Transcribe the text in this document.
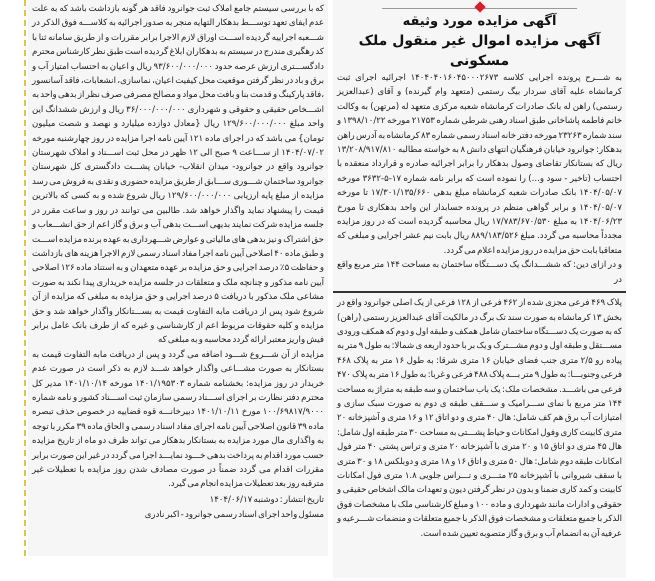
که با بررسی سیستم جامع املاک ثبت جوانرود فاقد هر گونه بازداشت باشد که به علت عدم ایفای تعهد توســـط بدهکار التهایه منجر به صدور اجرائیه به کلاســـه فوق الذکر در شـــعبه اجراییه گردیده اســـت اوراق لازم الاجرا برابر مقررات و از طریق سامانه ثنا با کد رهگیری مندرج در سیستم به بدهکاران ابلاغ گردیده است طبق نظر کارشناس محترم دادگســـتری ارزش عرصه حدود ۹۳/۶۰۰/۰۰۰/۰۰۰ ریال و اعیان به احتساب امتیاز آب و برق و باد در نظر گرفتن موقعیت محل کیفیت اعیان، نماسازی، انشعابات، فاقد آسانسور ،فاقد پارکینگ و قدمت بنا و بافت محل مواد و مصالح مصرفی صرف نظر از بدهی واحد به اشـــخاص حقیقی و حقوقی و شهرداری ۳۶/۰۰۰/۰۰۰/۰۰۰ ریال و ارزش ششدانگ این واحد مبلغ ۱۲۹/۶۰۰/۰۰۰/۰۰۰ ریال {معادل دوازده میلیارد و نهصد و شصت میلیون تومان} می باشد که در اجرای ماده ۱۲۱ آیین نامه اجرا مزایده در روز چهارشنبه مورخه ۱۴۰۴/۰۷/۰۲ از ســـاعت ۹ صبح الی ۱۲ ظهر در محل ثبت اســـناد و املاک شهرستان جوانرود واقع در جوانرود- میدان انقلاب- خیابان پشـــت دادگستری کل شهرستان جوانرود ساختمان شـــوری ســـابق از طریق مزایده حضوری و نقدی به فروش می رسد مزایده از مبلغ پایه ارزیابی ۱۲۹/۶۰۰/۰۰۰/۰۰۰ ریال شروع شده و به کسی که بالاترین قیمت را پیشنهاد نماید واگذار خواهد شد. طالبین می توانند در روز و ساعت مقرر در جلسه مزایده شرکت نمایند بدیهی اســـت بدهی آب و برق و گاز اعم از حق انشـــعاب و حق اشتراک و نیز بدهی های مالیاتی و عوارض شـــهرداری به عهده برنده مزایده اســـت و طبق ماده ۴۰ اصلاحی آیین نامه اجرا مفاد اسناد رسمی لازم الاجرا هزینه های بازداشت و حفاظت ۵٪ درصد اجرایی و حق مزایده بر عهده متعهدان و به استناد ماده ۱۲۶ اصلاحی آیین نامه مذکور و چنانچه ملک و متعلقات در جلسه مزایده خریداری پیدا نکند به صورت مشاعی ملک مذکور با دریافت ۵ درصد اجرایی و حق مزایده به مبلغی که مزایده از آن شروع شود پس از دریافت مابه التفاوت قیمت به بســـتانکار واگذار خواهد شد و حق مزایده و کلیه حقوقات مربوط اعم از کارشناسی و غیره که از طرف بانک عامل برابر فیش واریز معتبر ارائه گردد محاسبه و به مبلغی که

مزایده از آن شـــروع شـــود اضافه می گردد و پس از دریافت مابه التفاوت قیمت به بستانکار به صورت مشـــاعی واگذار خواهد شـــد لازم به ذکر است در صورت عدم خریدار در روز مزایده: بخشنامه شماره ۱۴۰۱/۱۹۵۳۰۳ مورخه ۱۴۰۱/۱۰/۱۴ مدیر کل محترم دفتر نظارت بر اجرای اســـناد رسمی سازمان ثبت اســـناد کشور و نامه شماره ۱۰۰/۶۹۸۱۷/۹۰۰۰ مورخ ۱۴۰۱/۱۰/۱۱ دبیرخانـــه قوه قضاییه در خصوص حذف تبصره ماده ۳۹ قانون اصلاحی آیین نامه اجرای مفاد اسناد رسمی و الحاق ماده ۳۹ مکرر با توجه به واگذاری مال مورد مزایده به بستانکار بدهکار می تواند ظرف دو ماه از تاریخ مزایده حسب مورد اقدام به پرداخت بدهی خـــود نمایـــد اجرا می گردد در غیر این صورت برابر مقررات اقدام می گردد ضمناً در صورت مصادف شدن روز مزایده با تعطیلات غیر مترقبه روز بعد تعطیلات مزایده انجام می گیرد.

تاریخ انتشار : دوشنبه ۱۴۰۴/۰۶/۱۷

مسئول واحد اجرای اسناد رسمی جوانرود - اکبر نادری

آگهی مزایده مورد وثیقه
آگهی مزایده اموال غیر منقول ملک مسکونی

به شـــرح پرونده اجرایی کلاسه ۱۴۰۴۰۴۰۱۶۰۴۵۰۰۰۲۶۷۳ اجرائیه اجرای ثبت کرمانشاه علیه آقای سردار بیگ رستمی (متعهد وام گیرنده) و آقای (عبدالعزیز رستمی) راهن له بانک صادرات کرمانشاه شعبه مرکزی متعهد له (مرتهن) به وکالت خانم فاطمه پاشاخانی طبق اسناد رهنی شرطی شماره ۲۱۷۵۳ مورخه ۱۳۹۸/۱۰/۲۲ و سند شماره ۲۳۲۶۳ مورخه دفتر خانه اسناد رسمی شماره ۸۳ کرمانشاه به آدرس راهن بدهکار: جوانرود خیابان فرهنگیان انتهای دانش ۸ به خواسته مطالبه ۱۳/۲۰۸/۹۱۷/۸۱۰ ریال که بستانکار تقاضای وصول بدهکار را برابر اجرائیه صادره و قرارداد منعقده با احتساب (تاخیر - سود و...) را نموده است که برابر نامه شماره ۱۷-۵-۳۶۳۲ مورخه ۱۴۰۴/۰۵/۰۷ بانک صادرات شعبه کرمانشاه مبلغ بدهی ۱۷/۳۰۱/۱۳۵/۶۶۰ تا مورخه ۱۴۰۴/۰۵/۰۷ و برابر گواهی منظم در پرونده حسابدار این واحد بدهکاری تا مورخ ۱۴۰۴/۰۶/۲۳ به مبلغ ۱۷/۷۸۳/۶۷۰/۵۳۰ ریال محاسبه گردیده است که در روز مزایده مجدداً محاسبه می گردد. مبلغ ۸۸۹/۱۸۳/۵۲۶ ریال بابت نیم عشر اجرایی و مبلغی که متعاقبا بابت حق مزایده در روز مزایده اعلام می گردد.

و در ازای دین: که ششـــدانگ یک دســـتگاه ساختمان به مساحت ۱۴۴ متر مربع واقع در

پلاک ۴۶۹ فرعی مجزی شده از ۴۶۲ فرعی از ۱۲۸ فرعی از یک اصلی جوانرود واقع در بخش ۱۳ کرمانشاه به صورت سند تک برگ در مالکیت آقای عبدالعزیز رستمی (راهن) که به صورت یک دســـتگاه ساختمان شامل همکف و طبقه اول و دوم که همکف ورودی مســـتقل و طبقه اول و دوم مشـــترک و یک بر با حدود اربعه ی شمالا: به طول ۹ متر به پیاده رو ۲/۵ متری جنب فضای خیابان ۱۶ متری شرقا: به طول ۱۶ متر به پلاک ۴۶۸ فرعی وجنوبـــا: به طول ۹ متر بـــه پلاک ۴۸۸ فرعی و غربا: به طول ۱۶ متر به پلاک ۴۷۰ فرعی می باشـــد. مشخصات ملک: یک باب ساختمان و سه طبقه به متراژ به مساحت ۱۴۴ متر مربع با نمای ســـرامیک و ســـقف طبقه ی دوم به صورت سبک سازی و امتیازات آب برق هم کف شامل: هال ۴۰ متری و دو اتاق ۱۲ و ۱۶ متری و آشپزخانه ۲۰ متری کابینت کاری وفول امکانات و حیاط پشـــتی به مساحت ۳۰ متر طبقه اول شامل: هال ۴۵ متری دو اتاق ۱۵ و ۲۰ متری با آشپزخانه ۲۰ متری و تراس پشتی ۴۰ متر فول امکانات طبقه دوم شامل: هال ۵۰ متری و اتاق ۱۶ و ۱۸ متری و دوبلکس ۱۸ و ۳۰ متری با سقف شیروانی با آشپزخانه ۲۵ متـــری و تـــراس جلویی ۱.۸ متری فول امکانات کابینت و کمد کاری ضمنا و بدون در نظر گرفتن دیون و تعهدات مالک اشخاص حقیقی و حقوقی و ادارات مانند شهرداری و ماده ۱۰۰ و مبلغ کارشناسی ملک با مشخصات فوق الذکر با جمیع متعلقات و مشخصات فوق الذکر با جمیع متعلقات و منضمات شـــرعیه و عرفیه آن به انضمام آب و برق و گاز متصوبه تعیین شده است.
